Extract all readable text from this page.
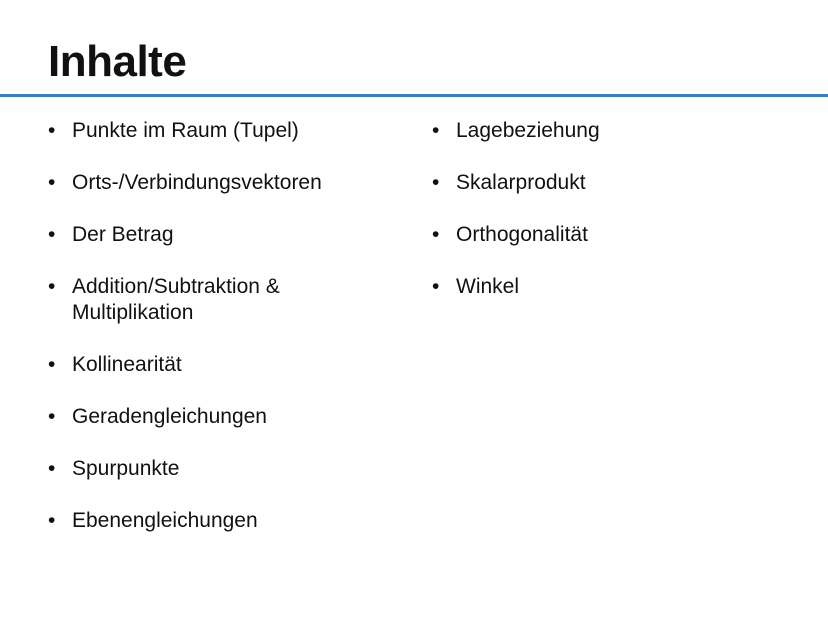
Inhalte
• Punkte im Raum (Tupel)
• Orts-/Verbindungsvektoren
• Der Betrag
• Addition/Subtraktion & Multiplikation
• Kollinearität
• Geradengleichungen
• Spurpunkte
• Ebenengleichungen
• Lagebeziehung
• Skalarprodukt
• Orthogonalität
• Winkel
